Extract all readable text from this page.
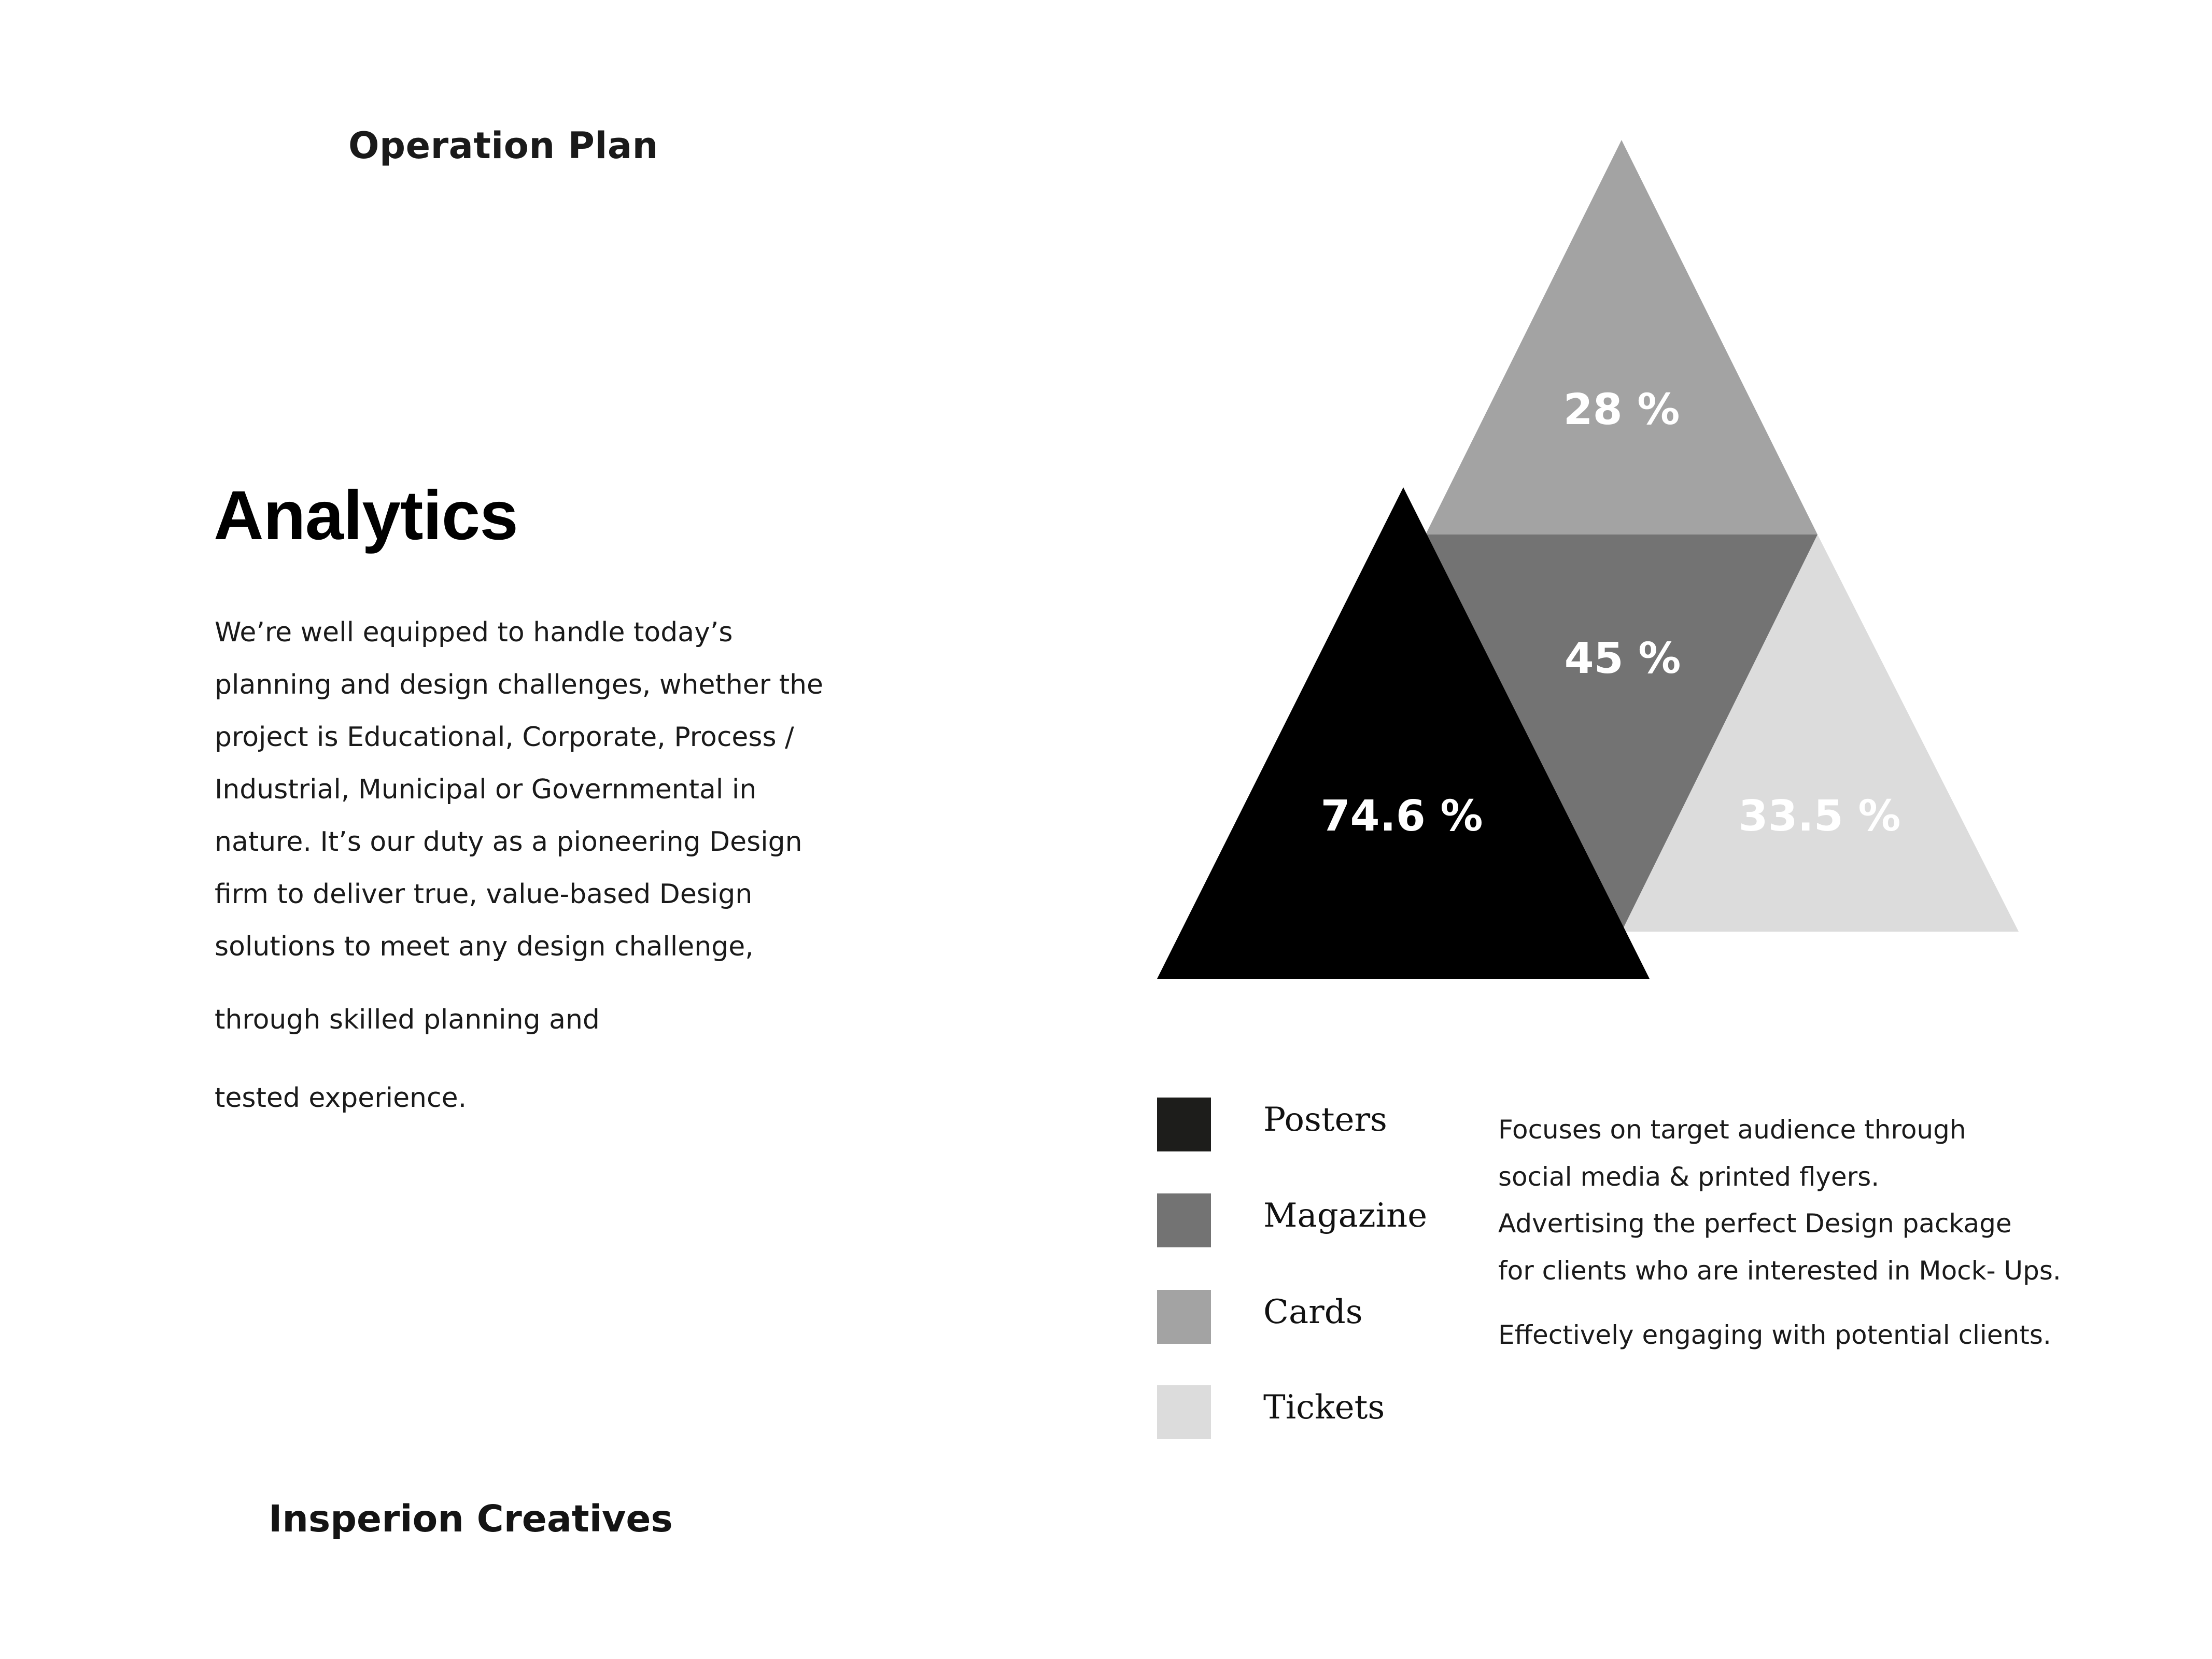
Operation Plan
Analytics
We’re well equipped to handle today’s
planning and design challenges, whether the
project is Educational, Corporate, Process /
Industrial, Municipal or Governmental in
nature. It’s our duty as a pioneering Design
firm to deliver true, value-based Design
solutions to meet any design challenge,
through skilled planning and
tested experience.
28 %
45 %
74.6 %	33.5 %
Posters
Magazine
Cards
Tickets
Focuses on target audience through
social media & printed flyers.
Advertising the perfect Design package
for clients who are interested in Mock- Ups.
Effectively engaging with potential clients.
Insperion Creatives
